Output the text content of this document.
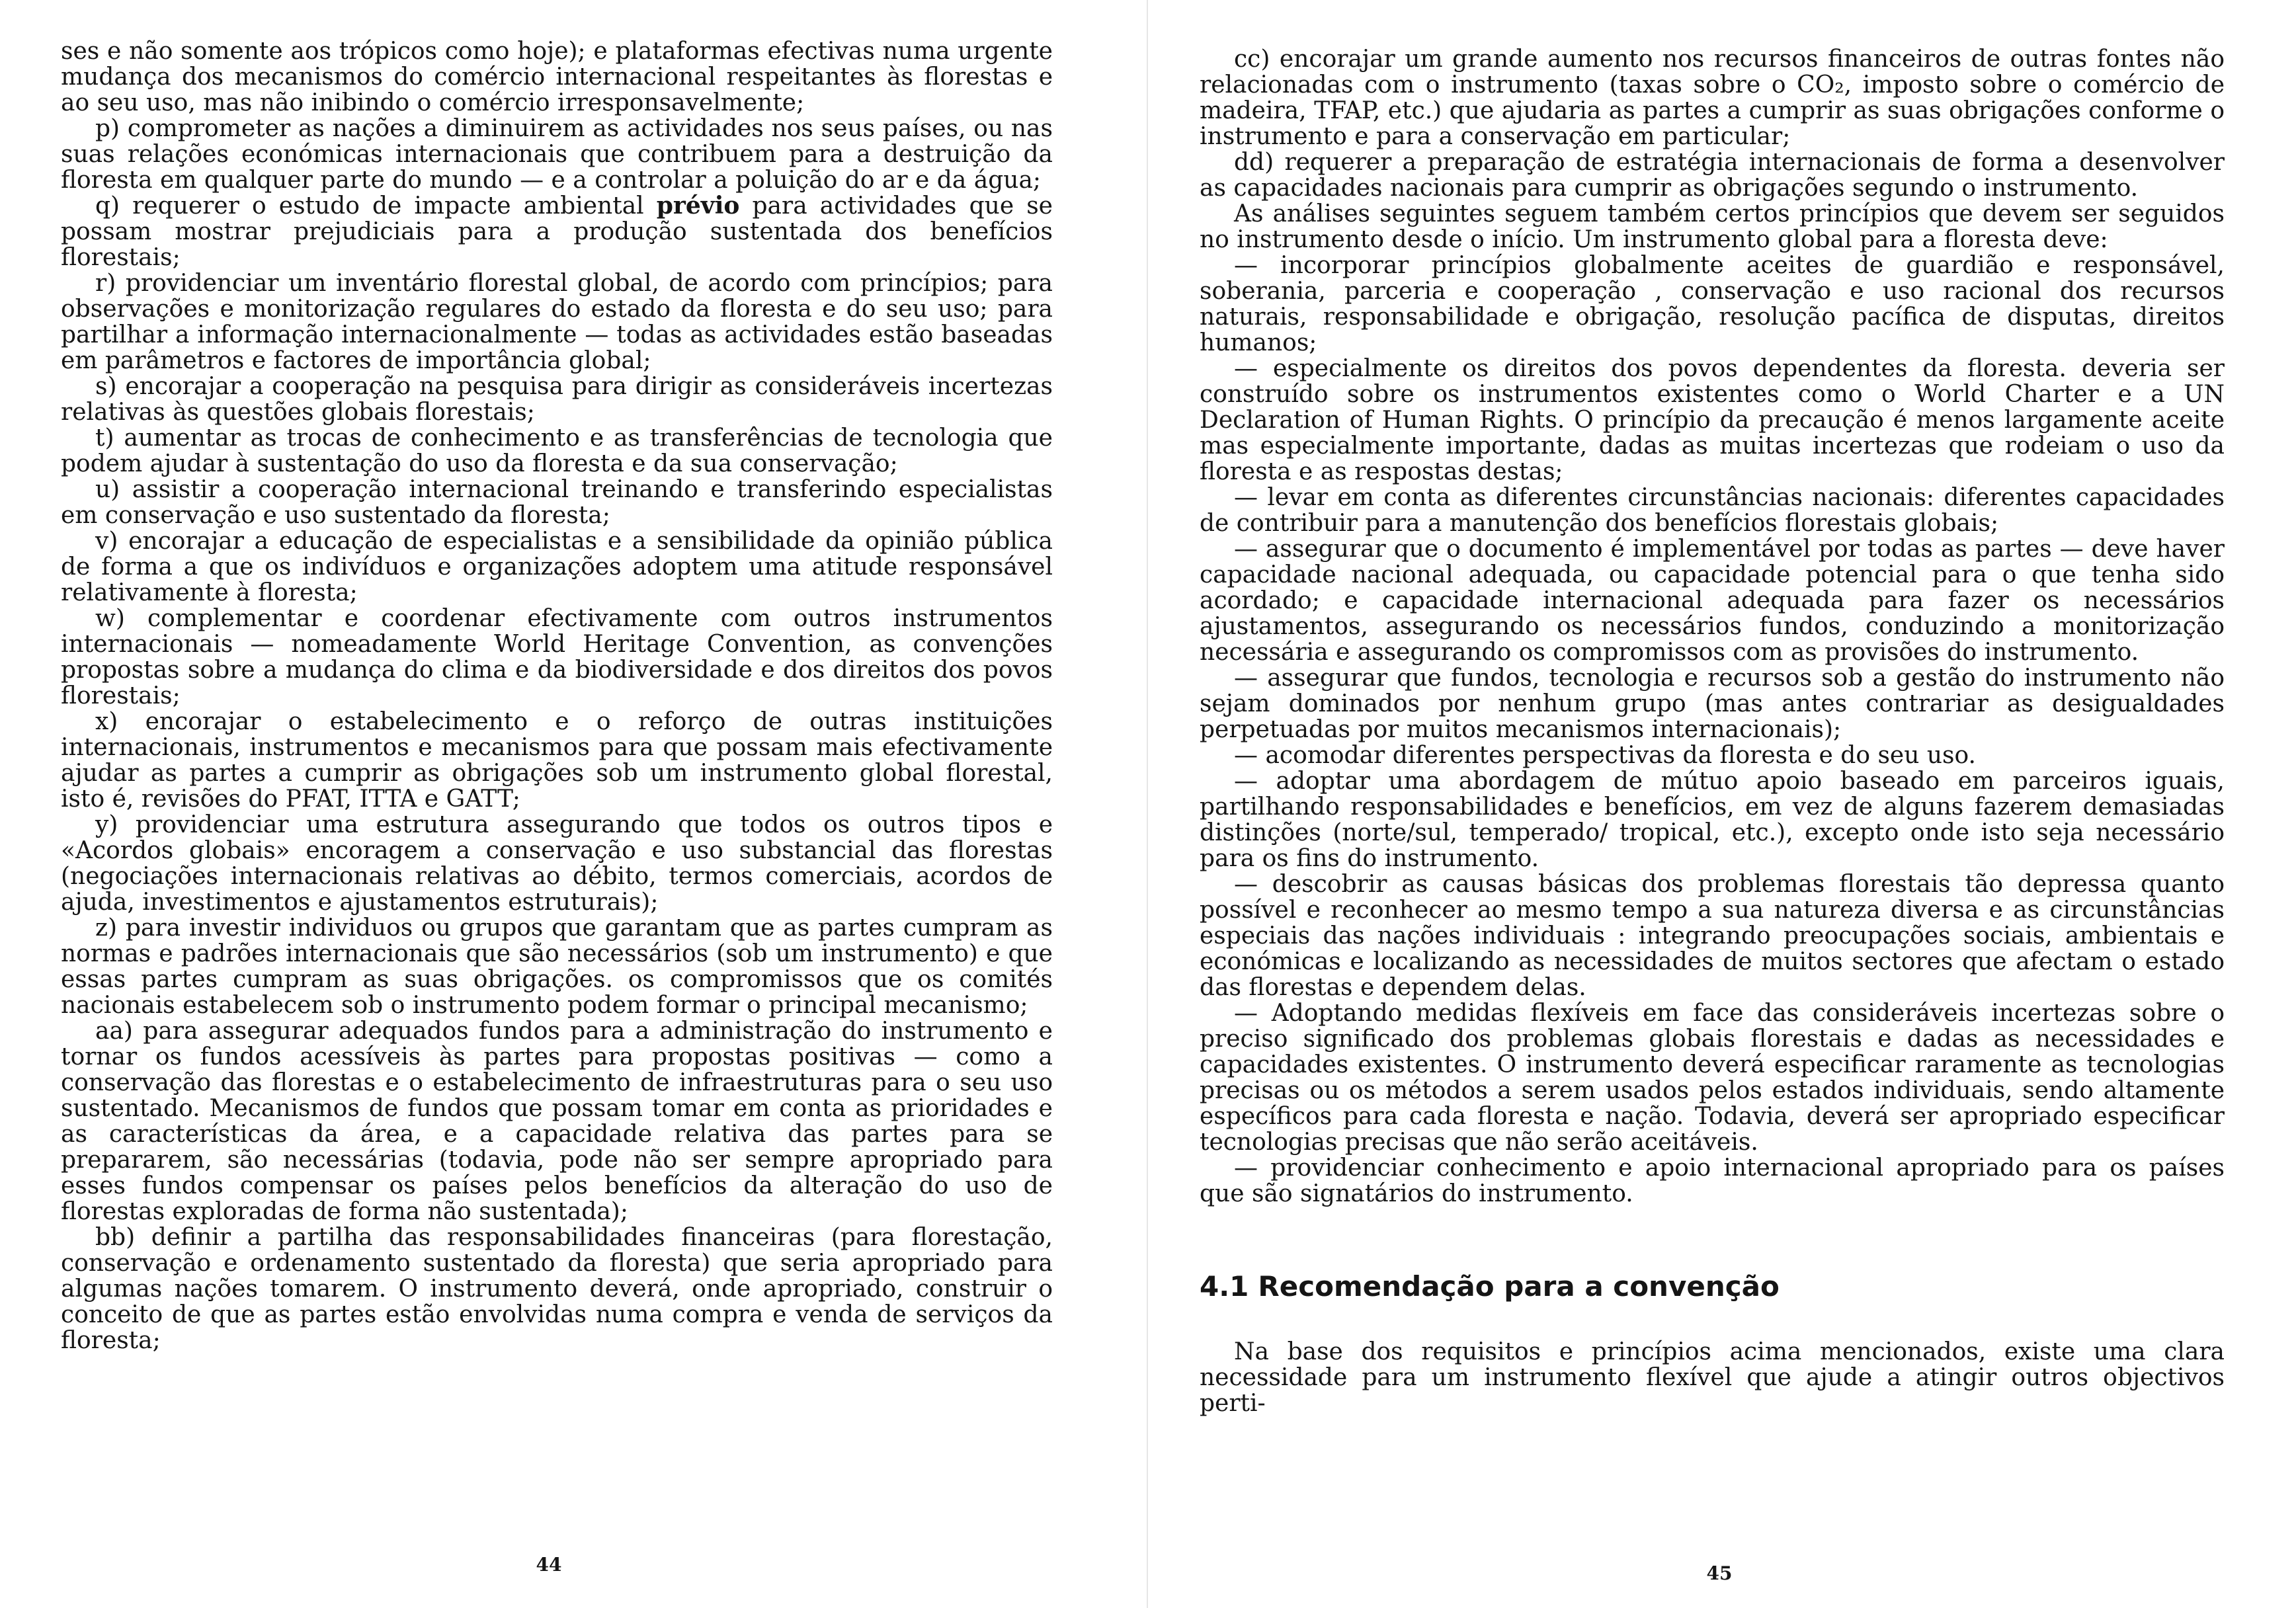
ses e não somente aos trópicos como hoje); e plataformas efectivas numa urgente mudança dos mecanismos do comércio internacional respeitantes às florestas e ao seu uso, mas não inibindo o comércio irresponsavelmente;

p) comprometer as nações a diminuirem as actividades nos seus países, ou nas suas relações económicas internacionais que contribuem para a destruição da floresta em qualquer parte do mundo — e a controlar a poluição do ar e da água;

q) requerer o estudo de impacte ambiental prévio para actividades que se possam mostrar prejudiciais para a produção sustentada dos benefícios florestais;

r) providenciar um inventário florestal global, de acordo com princípios; para observações e monitorização regulares do estado da floresta e do seu uso; para partilhar a informação internacionalmente — todas as actividades estão baseadas em parâmetros e factores de importância global;

s) encorajar a cooperação na pesquisa para dirigir as consideráveis incertezas relativas às questões globais florestais;

t) aumentar as trocas de conhecimento e as transferências de tecnologia que podem ajudar à sustentação do uso da floresta e da sua conservação;

u) assistir a cooperação internacional treinando e transferindo especialistas em conservação e uso sustentado da floresta;

v) encorajar a educação de especialistas e a sensibilidade da opinião pública de forma a que os indivíduos e organizações adoptem uma atitude responsável relativamente à floresta;

w) complementar e coordenar efectivamente com outros instrumentos internacionais — nomeadamente World Heritage Convention, as convenções propostas sobre a mudança do clima e da biodiversidade e dos direitos dos povos florestais;

x) encorajar o estabelecimento e o reforço de outras instituições internacionais, instrumentos e mecanismos para que possam mais efectivamente ajudar as partes a cumprir as obrigações sob um instrumento global florestal, isto é, revisões do PFAT, ITTA e GATT;

y) providenciar uma estrutura assegurando que todos os outros tipos e «Acordos globais» encoragem a conservação e uso substancial das florestas (negociações internacionais relativas ao débito, termos comerciais, acordos de ajuda, investimentos e ajustamentos estruturais);

z) para investir individuos ou grupos que garantam que as partes cumpram as normas e padrões internacionais que são necessários (sob um instrumento) e que essas partes cumpram as suas obrigações. os compromissos que os comités nacionais estabelecem sob o instrumento podem formar o principal mecanismo;

aa) para assegurar adequados fundos para a administração do instrumento e tornar os fundos acessíveis às partes para propostas positivas — como a conservação das florestas e o estabelecimento de infraestruturas para o seu uso sustentado. Mecanismos de fundos que possam tomar em conta as prioridades e as características da área, e a capacidade relativa das partes para se prepararem, são necessárias (todavia, pode não ser sempre apropriado para esses fundos compensar os países pelos benefícios da alteração do uso de florestas exploradas de forma não sustentada);

bb) definir a partilha das responsabilidades financeiras (para florestação, conservação e ordenamento sustentado da floresta) que seria apropriado para algumas nações tomarem. O instrumento deverá, onde apropriado, construir o conceito de que as partes estão envolvidas numa compra e venda de serviços da floresta;

44

cc) encorajar um grande aumento nos recursos financeiros de outras fontes não relacionadas com o instrumento (taxas sobre o CO₂, imposto sobre o comércio de madeira, TFAP, etc.) que ajudaria as partes a cumprir as suas obrigações conforme o instrumento e para a conservação em particular;

dd) requerer a preparação de estratégia internacionais de forma a desenvolver as capacidades nacionais para cumprir as obrigações segundo o instrumento.

As análises seguintes seguem também certos princípios que devem ser seguidos no instrumento desde o início. Um instrumento global para a floresta deve:

— incorporar princípios globalmente aceites de guardião e responsável, soberania, parceria e cooperação , conservação e uso racional dos recursos naturais, responsabilidade e obrigação, resolução pacífica de disputas, direitos humanos;

— especialmente os direitos dos povos dependentes da floresta. deveria ser construído sobre os instrumentos existentes como o World Charter e a UN Declaration of Human Rights. O princípio da precaução é menos largamente aceite mas especialmente importante, dadas as muitas incertezas que rodeiam o uso da floresta e as respostas destas;

— levar em conta as diferentes circunstâncias nacionais: diferentes capacidades de contribuir para a manutenção dos benefícios florestais globais;

— assegurar que o documento é implementável por todas as partes — deve haver capacidade nacional adequada, ou capacidade potencial para o que tenha sido acordado; e capacidade internacional adequada para fazer os necessários ajustamentos, assegurando os necessários fundos, conduzindo a monitorização necessária e assegurando os compromissos com as provisões do instrumento.

— assegurar que fundos, tecnologia e recursos sob a gestão do instrumento não sejam dominados por nenhum grupo (mas antes contrariar as desigualdades perpetuadas por muitos mecanismos internacionais);

— acomodar diferentes perspectivas da floresta e do seu uso.

— adoptar uma abordagem de mútuo apoio baseado em parceiros iguais, partilhando responsabilidades e benefícios, em vez de alguns fazerem demasiadas distinções (norte/sul, temperado/ tropical, etc.), excepto onde isto seja necessário para os fins do instrumento.

— descobrir as causas básicas dos problemas florestais tão depressa quanto possível e reconhecer ao mesmo tempo a sua natureza diversa e as circunstâncias especiais das nações individuais : integrando preocupações sociais, ambientais e económicas e localizando as necessidades de muitos sectores que afectam o estado das florestas e dependem delas.

— Adoptando medidas flexíveis em face das consideráveis incertezas sobre o preciso significado dos problemas globais florestais e dadas as necessidades e capacidades existentes. O instrumento deverá especificar raramente as tecnologias precisas ou os métodos a serem usados pelos estados individuais, sendo altamente específicos para cada floresta e nação. Todavia, deverá ser apropriado especificar tecnologias precisas que não serão aceitáveis.

— providenciar conhecimento e apoio internacional apropriado para os países que são signatários do instrumento.

4.1 Recomendação para a convenção

Na base dos requisitos e princípios acima mencionados, existe uma clara necessidade para um instrumento flexível que ajude a atingir outros objectivos perti-

45
